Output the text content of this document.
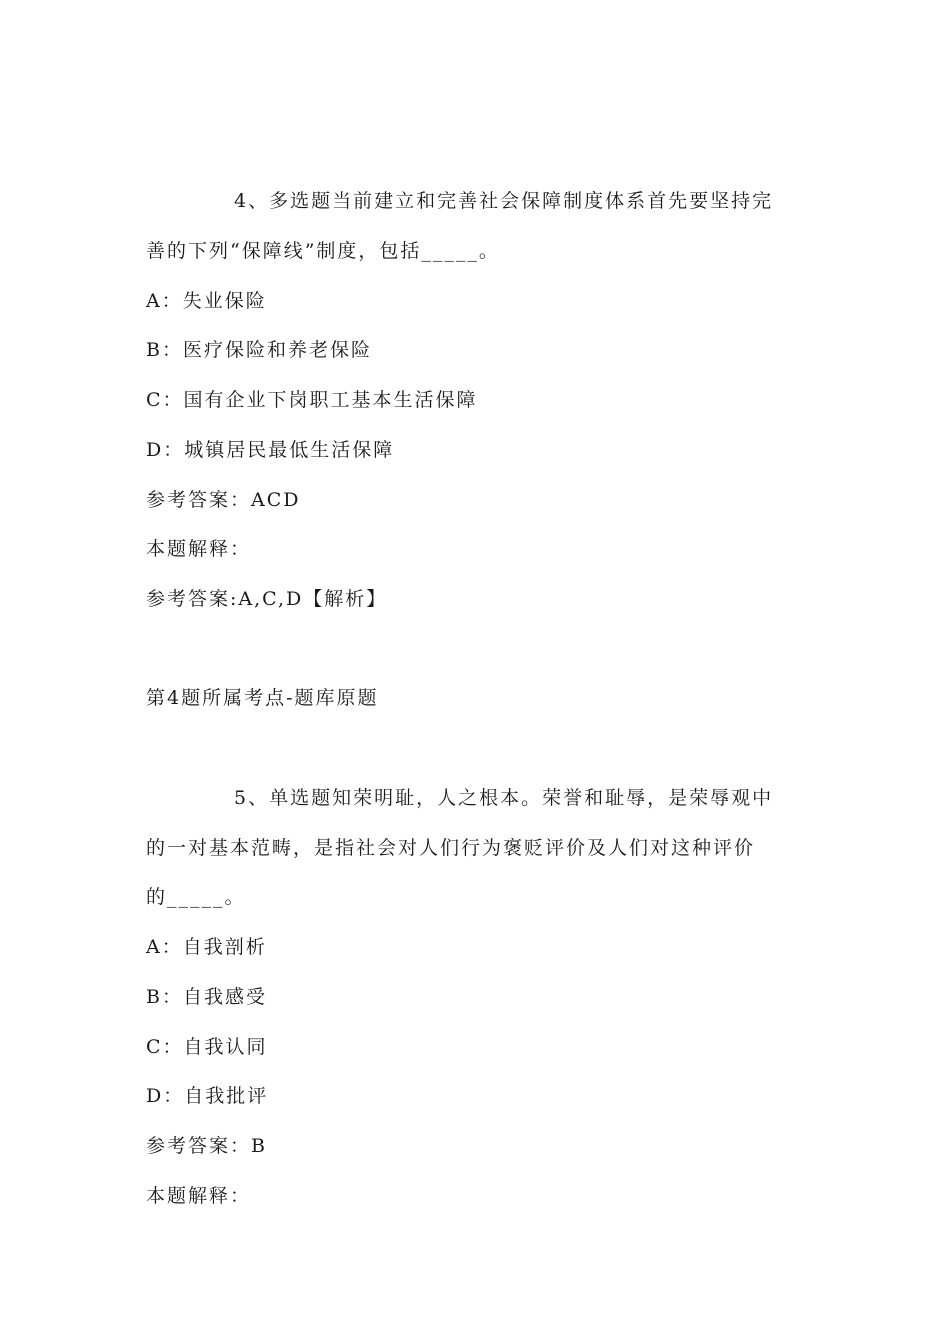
4、多选题当前建立和完善社会保障制度体系首先要坚持完
善的下列“保障线”制度，包括_____。
A：失业保险
B：医疗保险和养老保险
C：国有企业下岗职工基本生活保障
D：城镇居民最低生活保障
参考答案：ACD
本题解释：
参考答案:A,C,D【解析】
第4题所属考点-题库原题
5、单选题知荣明耻，人之根本。荣誉和耻辱，是荣辱观中
的一对基本范畴，是指社会对人们行为褒贬评价及人们对这种评价
的_____。
A：自我剖析
B：自我感受
C：自我认同
D：自我批评
参考答案：B
本题解释：
